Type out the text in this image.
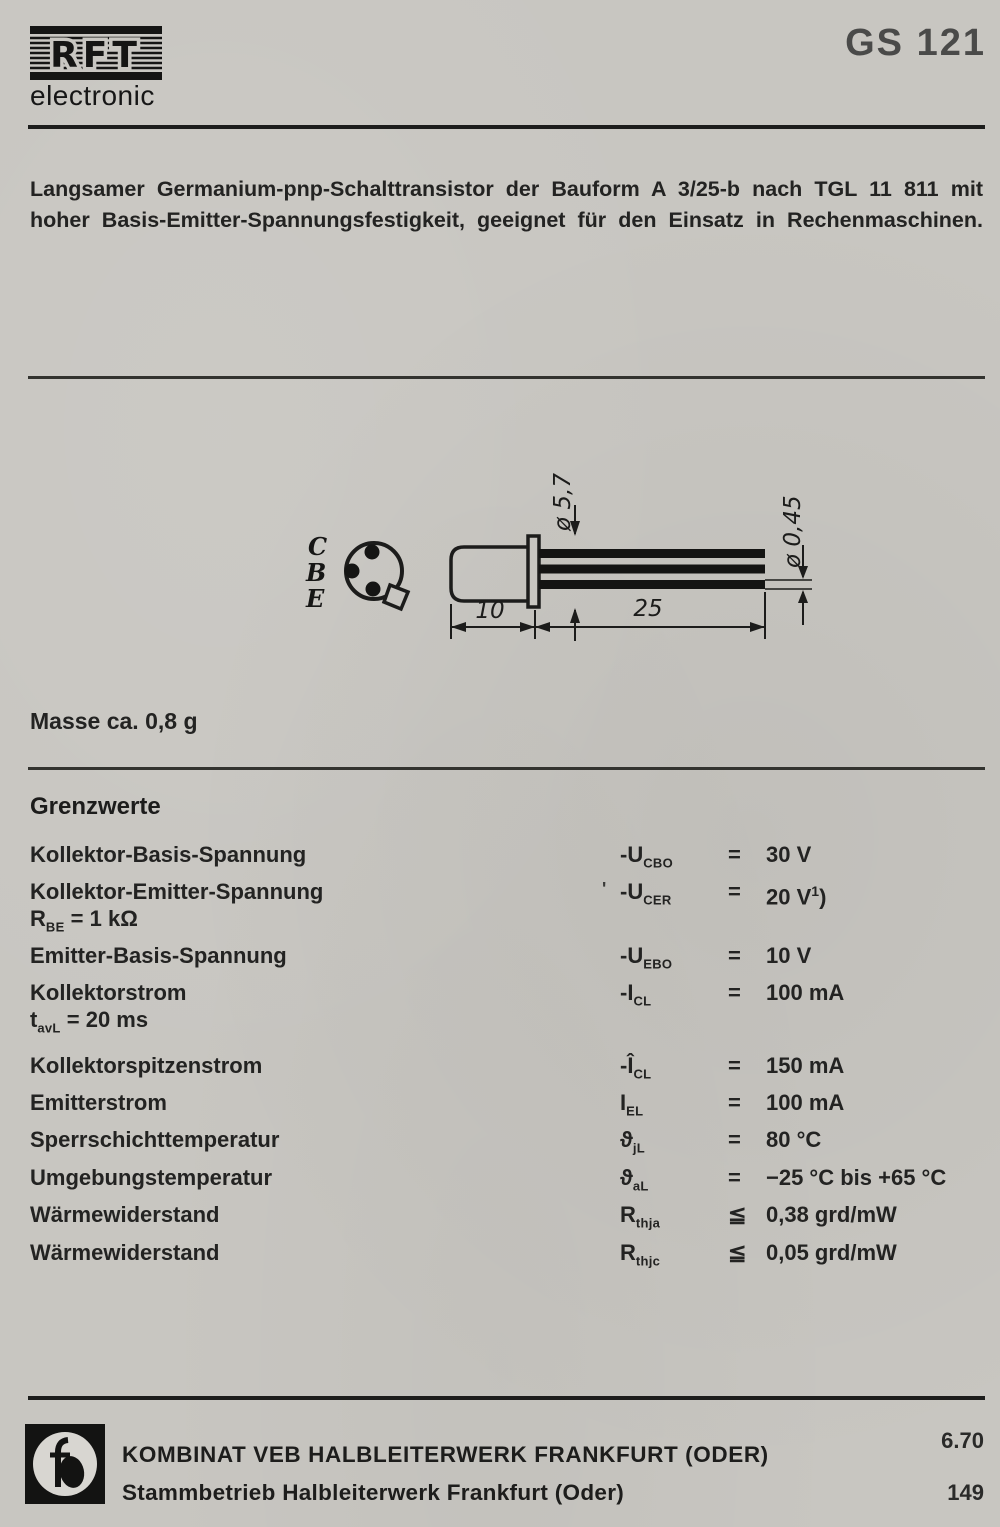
RFT
electronic
GS 121

Langsamer Germanium-pnp-Schalttransistor der Bauform A 3/25-b nach TGL 11 811 mit hoher Basis-Emitter-Spannungsfestigkeit, geeignet für den Einsatz in Rechenmaschinen.

C
B
E
ø 5,7	ø 0,45
10	25
Masse ca. 0,8 g
Grenzwerte
Kollektor-Basis-Spannung	$-U_{CBO}$	=	30 V
Kollektor-Emitter-Spannung
$R_{BE} = 1$ kΩ
' $-U_{CER}$	=	20 $V^1$)
Emitter-Basis-Spannung	$-U_{EBO}$	=	10 V
Kollektorstrom
$t_{avL} = 20$ ms
$-I_{CL}$	=	100 mA
Kollektorspitzenstrom	$-Î_{CL}$	=	150 mA
Emitterstrom	$I_{EL}$	=	100 mA
Sperrschichttemperatur	$ϑ_{jL}$	=	80 °C
Umgebungstemperatur	$ϑ_{aL}$	=	−25 °C bis +65 °C
Wärmewiderstand	$R_{thja}$	≦ 0,38 grd/mW
Wärmewiderstand	$R_{thjc}$	≦ 0,05 grd/mW
KOMBINAT VEB HALBLEITERWERK FRANKFURT (ODER)
Stammbetrieb Halbleiterwerk Frankfurt (Oder)
6.70
149
